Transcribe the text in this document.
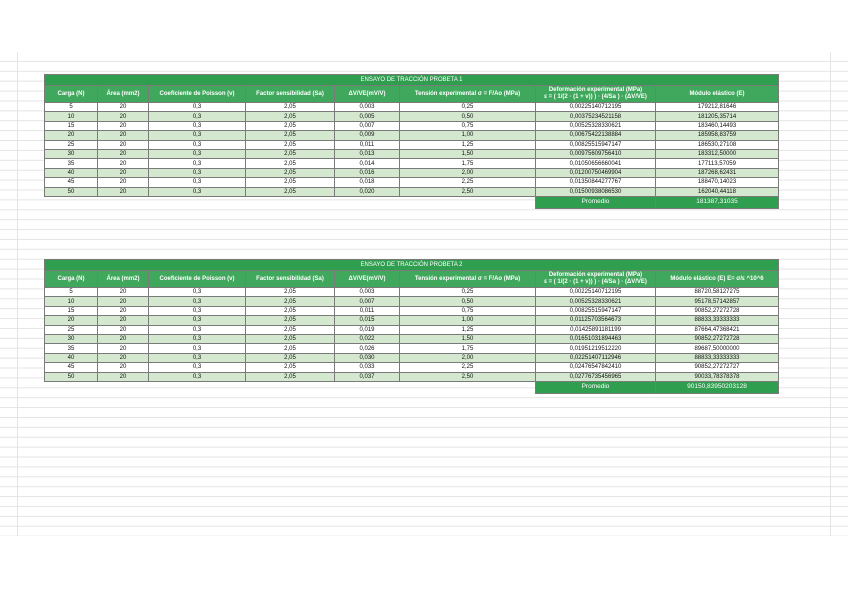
ENSAYO DE TRACCIÓN PROBETA 1							
Carga (N)	Área (mm2)	Coeficiente de Poisson (v)	Factor sensibilidad (Sa)	ΔV/VE(mV/V)	Tensión experimental σ = F/Ao (MPa)	Deformación experimental (MPa)
ε = ( 1/(2 · (1 + v)) ) · (4/Sa ) · (ΔV/VE)	Módulo elástico (E)
5	20	0,3	2,05	0,003	0,25	0,00225140712195	179212,81646
10	20	0,3	2,05	0,005	0,50	0,00375234521158	181205,35714
15	20	0,3	2,05	0,007	0,75	0,00525328330621	183460,14493
20	20	0,3	2,05	0,009	1,00	0,00675422138884	185958,83759
25	20	0,3	2,05	0,011	1,25	0,00825515947147	186530,27108
30	20	0,3	2,05	0,013	1,50	0,00975609756410	183312,50000
35	20	0,3	2,05	0,014	1,75	0,01050656660041	177113,57059
40	20	0,3	2,05	0,016	2,00	0,01200750469904	187268,62431
45	20	0,3	2,05	0,018	2,25	0,01350844277767	188470,14023
50	20	0,3	2,05	0,020	2,50	0,01500938086530	162040,44118
						Promedio	181387,31035
ENSAYO DE TRACCIÓN PROBETA 2							
Carga (N)	Área (mm2)	Coeficiente de Poisson (v)	Factor sensibilidad (Sa)	ΔV/VE(mV/V)	Tensión experimental σ = F/Ao (MPa)	Deformación experimental (MPa)
ε = ( 1/(2 · (1 + v)) ) · (4/Sa ) · (ΔV/VE)	Módulo elástico (E) E= σ/ε ^10^6
5	20	0,3	2,05	0,003	0,25	0,00225140712195	88720,58127275
10	20	0,3	2,05	0,007	0,50	0,00525328330621	95178,57142857
15	20	0,3	2,05	0,011	0,75	0,00825515947147	90852,27272728
20	20	0,3	2,05	0,015	1,00	0,01125703564673	88833,33333333
25	20	0,3	2,05	0,019	1,25	0,01425891181199	87664,47368421
30	20	0,3	2,05	0,022	1,50	0,01651031894463	90852,27272728
35	20	0,3	2,05	0,026	1,75	0,01951219512220	89687,50000000
40	20	0,3	2,05	0,030	2,00	0,02251407112946	88833,33333333
45	20	0,3	2,05	0,033	2,25	0,02476547842410	90852,27272727
50	20	0,3	2,05	0,037	2,50	0,02776735456965	90033,78378378
						Promedio	90150,83950203128
